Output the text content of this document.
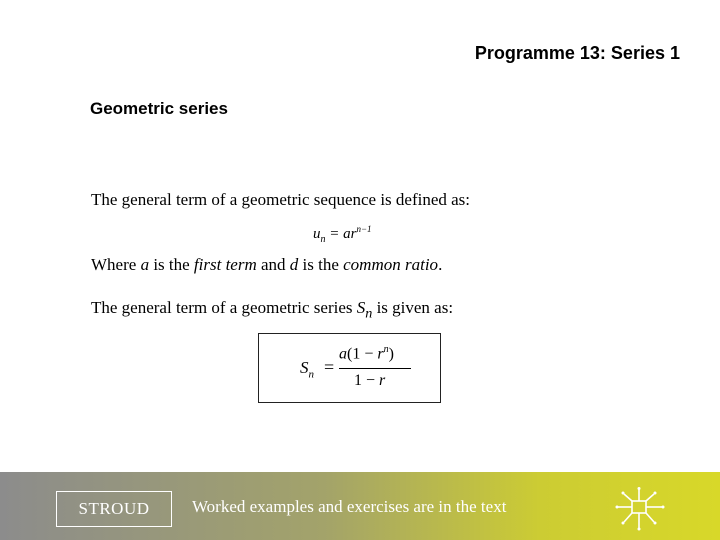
Programme 13: Series 1
Geometric series
The general term of a geometric sequence is defined as:
$u_n = ar^{n-1}$
Where a is the first term and d is the common ratio.
The general term of a geometric series $S_n$ is given as:
$S_n$ =
$a(1 - r^n)$
1 − r
STROUD	Worked examples and exercises are in the text
